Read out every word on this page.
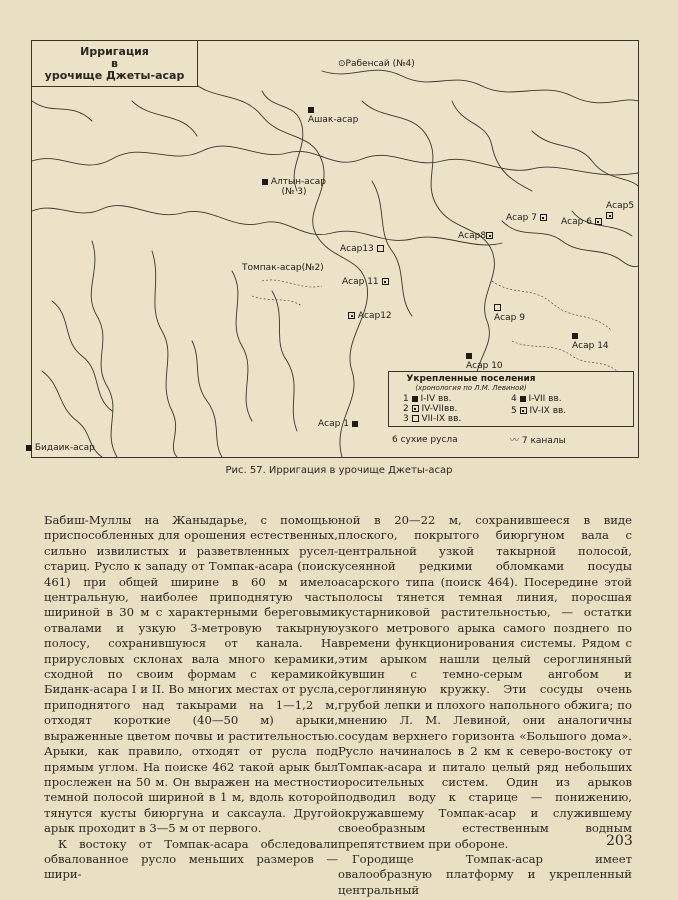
Ирригация
в
урочище Джеты-асар
⊙Рабенсай (№4)

Ашак-асар
Алтын-асар
(№ 3)
Томпак-асар(№2)
Асар13
Асар 11
Асар12
Асар 7	Асар 6
Асар5

Асар8

Асар 9

Асар 10

Асар 14
Асар 1
Бидаик-асар
Укрепленные поселения
(хронология по Л.М. Левиной)
1 I-IV вв.
2 IV-VIIвв.
3 VII-IX вв.
4 I-VII вв.
5 IV-IX вв.
6 сухие русла	〰 7 каналы
Рис. 57. Ирригация в урочище Джеты-асар

Бабиш-Муллы на Жаныдарье, с помощью приспособленных для орошения естественных, сильно извилистых и разветвленных русел-стариц. Русло к западу от Томпак-асара (поиск 461) при общей ширине в 60 м имело центральную, наиболее приподнятую часть шириной в 30 м с характерными береговыми отвалами и узкую 3-метровую такырную полосу, сохранившуюся от канала. На прирусловых склонах вала много керамики, сходной по своим формам с керамикой Биданк-асара I и II. Во многих местах от русла, приподнятого над такырами на 1—1,2 м, отходят короткие (40—50 м) арыки, выраженные цветом почвы и растительностью. Арыки, как правило, отходят от русла под прямым углом. На поиске 462 такой арык был прослежен на 50 м. Он выражен на местности темной полосой шириной в 1 м, вдоль которой тянутся кусты биюргуна и саксаула. Другой арык проходит в 3—5 м от первого.

К востоку от Томпак-асара обследовали обвалованное русло меньших размеров — шири-

ной в 20—22 м, сохранившееся в виде плоского, покрытого биюргуном вала с центральной узкой такырной полосой, усеянной редкими обломками посуды асарского типа (поиск 464). Посередине этой полосы тянется темная линия, поросшая кустарниковой растительностью, — остатки узкого метрового арыка самого позднего по времени функционирования системы. Рядом с этим арыком нашли целый сероглиняный кувшин с темно-серым ангобом и сероглиняную кружку. Эти сосуды очень грубой лепки и плохого напольного обжига; по мнению Л. М. Левиной, они аналогичны сосудам верхнего горизонта «Большого дома». Русло начиналось в 2 км к северо-востоку от Томпак-асара и питало целый ряд небольших оросительных систем. Один из арыков подводил воду к старице — понижению, окружавшему Томпак-асар и служившему своеобразным естественным водным препятствием при обороне.

Городище Томпак-асар имеет овалообразную платформу и укрепленный центральный

203
